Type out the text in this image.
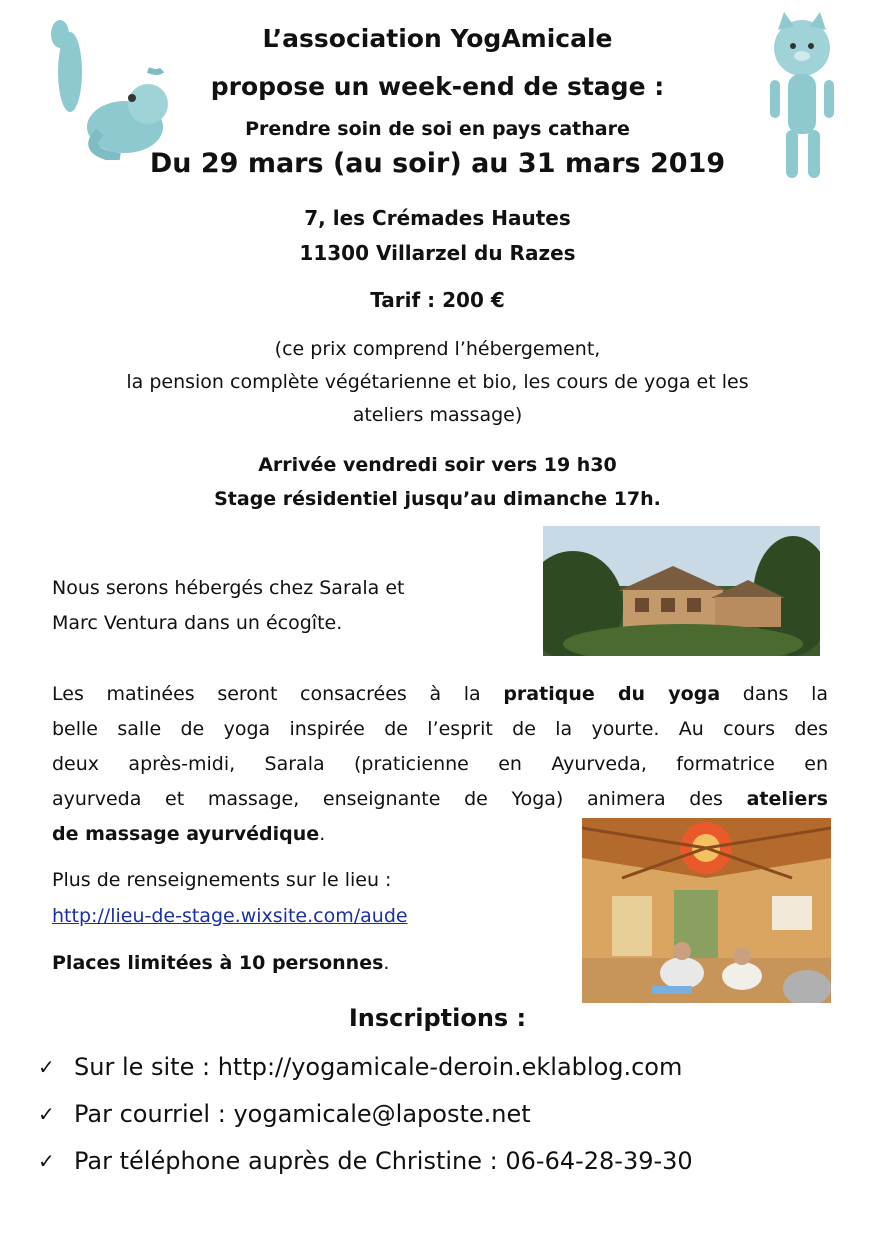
L’association YogAmicale
propose un week-end de stage :
Prendre soin de soi en pays cathare
Du 29 mars (au soir) au 31 mars 2019
7, les Crémades Hautes
11300 Villarzel du Razes
Tarif : 200 €
(ce prix comprend l’hébergement,
la pension complète végétarienne et bio, les cours de yoga et les
ateliers massage)
Arrivée vendredi soir vers 19 h30
Stage résidentiel jusqu’au dimanche 17h.
Nous serons hébergés chez Sarala et
Marc Ventura dans un écogîte.
Les matinées seront consacrées à la pratique du yoga dans la
belle salle de yoga inspirée de l’esprit de la yourte. Au cours des
deux après-midi, Sarala (praticienne en Ayurveda, formatrice en
ayurveda et massage, enseignante de Yoga) animera des ateliers
de massage ayurvédique.
Plus de renseignements sur le lieu :
http://lieu-de-stage.wixsite.com/aude
Places limitées à 10 personnes.
Inscriptions :
✓ Sur le site : http://yogamicale-deroin.eklablog.com
✓ Par courriel : yogamicale@laposte.net
✓ Par téléphone auprès de Christine : 06-64-28-39-30
